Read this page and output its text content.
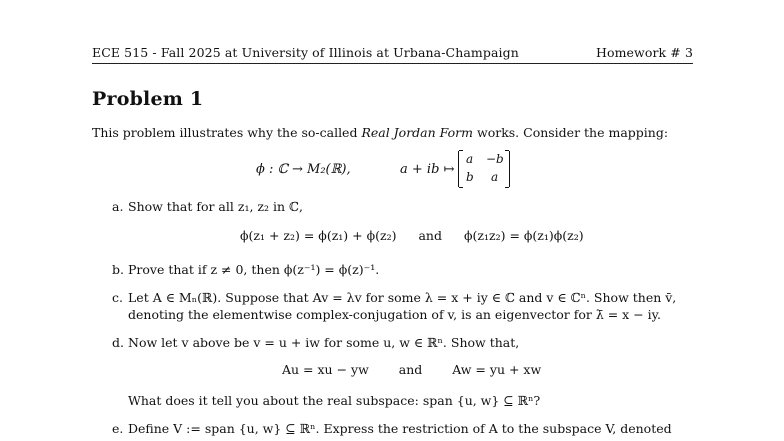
ECE 515 - Fall 2025 at University of Illinois at Urbana-Champaign	Homework # 3
Problem 1
This problem illustrates why the so-called Real Jordan Form works. Consider the mapping:
ϕ : ℂ → M₂(ℝ),	a + ib ↦
a −b
b a
a. Show that for all z₁, z₂ in ℂ,
ϕ(z₁ + z₂) = ϕ(z₁) + ϕ(z₂) and ϕ(z₁z₂) = ϕ(z₁)ϕ(z₂)
b. Prove that if z ≠ 0, then ϕ(z⁻¹) = ϕ(z)⁻¹.
c. Let A ∈ Mₙ(ℝ). Suppose that Av = λv for some λ = x + iy ∈ ℂ and v ∈ ℂⁿ. Show then v̄,
denoting the elementwise complex-conjugation of v, is an eigenvector for λ̄ = x − iy.
d. Now let v above be v = u + iw for some u, w ∈ ℝⁿ. Show that,
Au = xu − yw and Aw = yu + xw
What does it tell you about the real subspace: span {u, w} ⊆ ℝⁿ?
e. Define V := span {u, w} ⊆ ℝⁿ. Express the restriction of A to the subspace V, denoted
